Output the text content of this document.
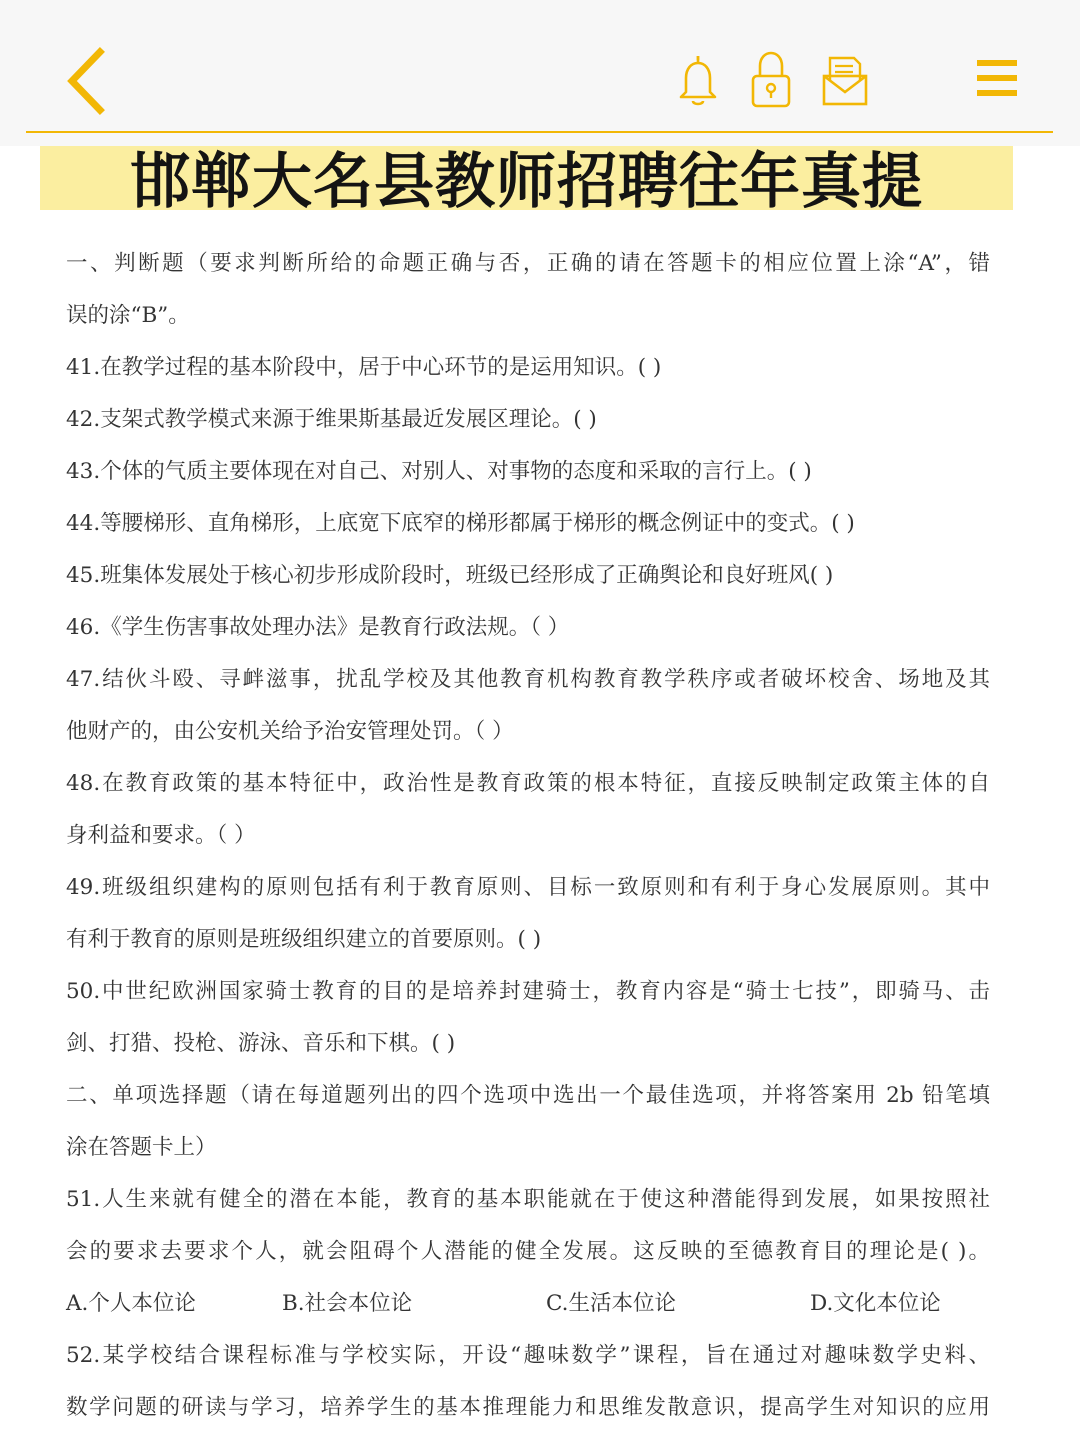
邯郸大名县教师招聘往年真提
一、判断题（要求判断所给的命题正确与否，正确的请在答题卡的相应位置上涂“A”，错
误的涂“B”。
41.在教学过程的基本阶段中，居于中心环节的是运用知识。( )
42.支架式教学模式来源于维果斯基最近发展区理论。( )
43.个体的气质主要体现在对自己、对别人、对事物的态度和采取的言行上。( )
44.等腰梯形、直角梯形，上底宽下底窄的梯形都属于梯形的概念例证中的变式。( )
45.班集体发展处于核心初步形成阶段时，班级已经形成了正确舆论和良好班风( )
46.《学生伤害事故处理办法》是教育行政法规。（ ）
47.结伙斗殴、寻衅滋事，扰乱学校及其他教育机构教育教学秩序或者破坏校舍、场地及其
他财产的，由公安机关给予治安管理处罚。（ ）
48.在教育政策的基本特征中，政治性是教育政策的根本特征，直接反映制定政策主体的自
身利益和要求。（ ）
49.班级组织建构的原则包括有利于教育原则、目标一致原则和有利于身心发展原则。其中
有利于教育的原则是班级组织建立的首要原则。( )
50.中世纪欧洲国家骑士教育的目的是培养封建骑士，教育内容是“骑士七技”，即骑马、击
剑、打猎、投枪、游泳、音乐和下棋。( )
二、单项选择题（请在每道题列出的四个选项中选出一个最佳选项，并将答案用 2b 铅笔填
涂在答题卡上）
51.人生来就有健全的潜在本能，教育的基本职能就在于使这种潜能得到发展，如果按照社
会的要求去要求个人，就会阻碍个人潜能的健全发展。这反映的至德教育目的理论是( )。
A.个人本位论	B.社会本位论	C.生活本位论	D.文化本位论
52.某学校结合课程标准与学校实际，开设“趣味数学”课程，旨在通过对趣味数学史料、
数学问题的研读与学习，培养学生的基本推理能力和思维发散意识，提高学生对知识的应用
